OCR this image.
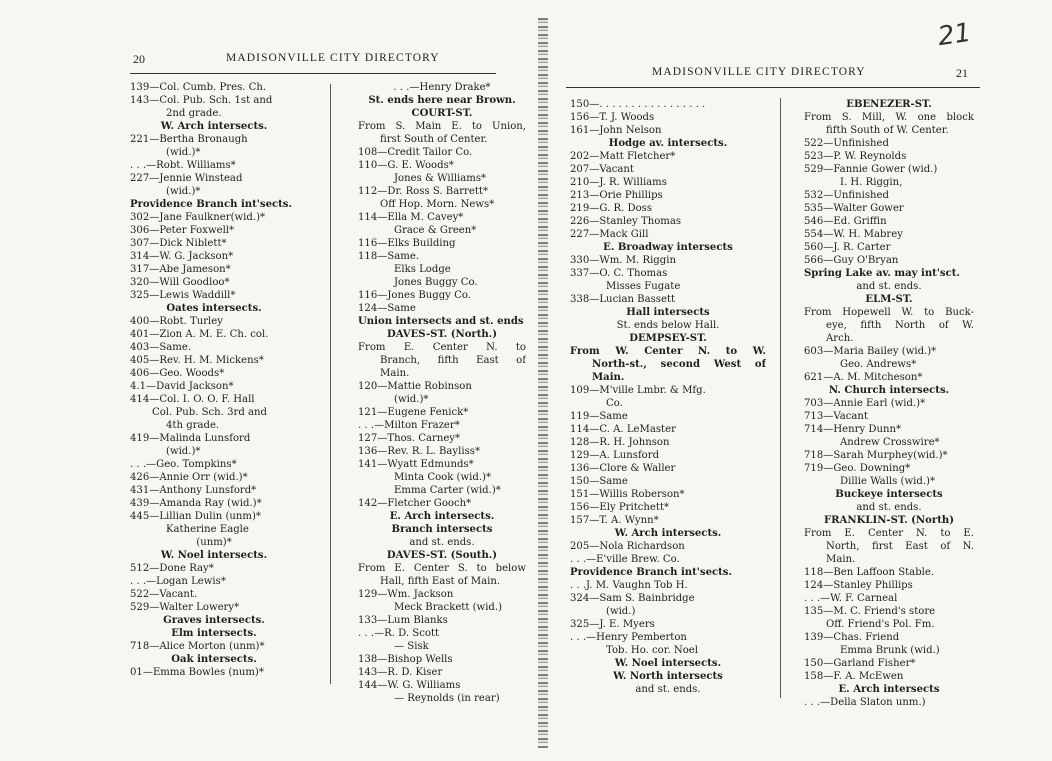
20	MADISONVILLE CITY DIRECTORY
139—Col. Cumb. Pres. Ch.
143—Col. Pub. Sch. 1st and
2nd grade.
W. Arch intersects.
221—Bertha Bronaugh
(wid.)*
. . .—Robt. Williams*
227—Jennie Winstead
(wid.)*
Providence Branch int'sects.
302—Jane Faulkner(wid.)*
306—Peter Foxwell*
307—Dick Niblett*
314—W. G. Jackson*
317—Abe Jameson*
320—Will Goodloo*
325—Lewis Waddill*
Oates intersects.
400—Robt. Turley
401—Zion A. M. E. Ch. col.
403—Same.
405—Rev. H. M. Mickens*
406—Geo. Woods*
4.1—David Jackson*
414—Col. I. O. O. F. Hall
Col. Pub. Sch. 3rd and
4th grade.
419—Malinda Lunsford
(wid.)*
. . .—Geo. Tompkins*
426—Annie Orr (wid.)*
431—Anthony Lunsford*
439—Amanda Ray (wid.)*
445—Lillian Dulin (unm)*
Katherine Eagle
(unm)*
W. Noel intersects.
512—Done Ray*
. . .—Logan Lewis*
522—Vacant.
529—Walter Lowery*
Graves intersects.
Elm intersects.
718—Alice Morton (unm)*
Oak intersects.
01—Emma Bowles (num)*
. . .—Henry Drake*
St. ends here near Brown.
COURT-ST.
From S. Main E. to Union,
first South of Center.
108—Credit Tailor Co.
110—G. E. Woods*
Jones & Williams*
112—Dr. Ross S. Barrett*
Off Hop. Morn. News*
114—Ella M. Cavey*
Grace & Green*
116—Elks Building
118—Same.
Elks Lodge
Jones Buggy Co.
116—Jones Buggy Co.
124—Same
Union intersects and st. ends
DAVES-ST. (North.)
From E. Center N. to
Branch, fifth East of
Main.
120—Mattie Robinson
(wid.)*
121—Eugene Fenick*
. . .—Milton Frazer*
127—Thos. Carney*
136—Rev. R. L. Bayliss*
141—Wyatt Edmunds*
Minta Cook (wid.)*
Emma Carter (wid.)*
142—Fletcher Gooch*
E. Arch intersects.
Branch intersects
and st. ends.
DAVES-ST. (South.)
From E. Center S. to below
Hall, fifth East of Main.
129—Wm. Jackson
Meck Brackett (wid.)
133—Lum Blanks
. . .—R. D. Scott
— Sisk
138—Bishop Wells
143—R. D. Kiser
144—W. G. Williams
— Reynolds (in rear)
MADISONVILLE CITY DIRECTORY	21
150—. . . . . . . . . . . . . . . . .
156—T. J. Woods
161—John Nelson
Hodge av. intersects.
202—Matt Fletcher*
207—Vacant
210—J. R. Williams
213—Orie Phillips
219—G. R. Doss
226—Stanley Thomas
227—Mack Gill
E. Broadway intersects
330—Wm. M. Riggin
337—O. C. Thomas
Misses Fugate
338—Lucian Bassett
Hall intersects
St. ends below Hall.
DEMPSEY-ST.
From W. Center N. to W.
North-st., second West of
Main.
109—M'ville Lmbr. & Mfg.
Co.
119—Same
114—C. A. LeMaster
128—R. H. Johnson
129—A. Lunsford
136—Clore & Waller
150—Same
151—Willis Roberson*
156—Ely Pritchett*
157—T. A. Wynn*
W. Arch intersects.
205—Nola Richardson
. . .—E'ville Brew. Co.
Providence Branch int'sects.
. . .J. M. Vaughn Tob H.
324—Sam S. Bainbridge
(wid.)
325—J. E. Myers
. . .—Henry Pemberton
Tob. Ho. cor. Noel
W. Noel intersects.
W. North intersects
and st. ends.
EBENEZER-ST.
From S. Mill, W. one block
fifth South of W. Center.
522—Unfinished
523—P. W. Reynolds
529—Fannie Gower (wid.)
I. H. Riggin,
532—Unfinished
535—Walter Gower
546—Ed. Griffin
554—W. H. Mabrey
560—J. R. Carter
566—Guy O'Bryan
Spring Lake av. may int'sct.
and st. ends.
ELM-ST.
From Hopewell W. to Buck-
eye, fifth North of W.
Arch.
603—Maria Bailey (wid.)*
Geo. Andrews*
621—A. M. Mitcheson*
N. Church intersects.
703—Annie Earl (wid.)*
713—Vacant
714—Henry Dunn*
Andrew Crosswire*
718—Sarah Murphey(wid.)*
719—Geo. Downing*
Dillie Walls (wid.)*
Buckeye intersects
and st. ends.
FRANKLIN-ST. (North)
From E. Center N. to E.
North, first East of N.
Main.
118—Ben Laffoon Stable.
124—Stanley Phillips
. . .—W. F. Carneal
135—M. C. Friend's store
Off. Friend's Pol. Fm.
139—Chas. Friend
Emma Brunk (wid.)
150—Garland Fisher*
158—F. A. McEwen
E. Arch intersects
. . .—Della Slaton unm.)
21
